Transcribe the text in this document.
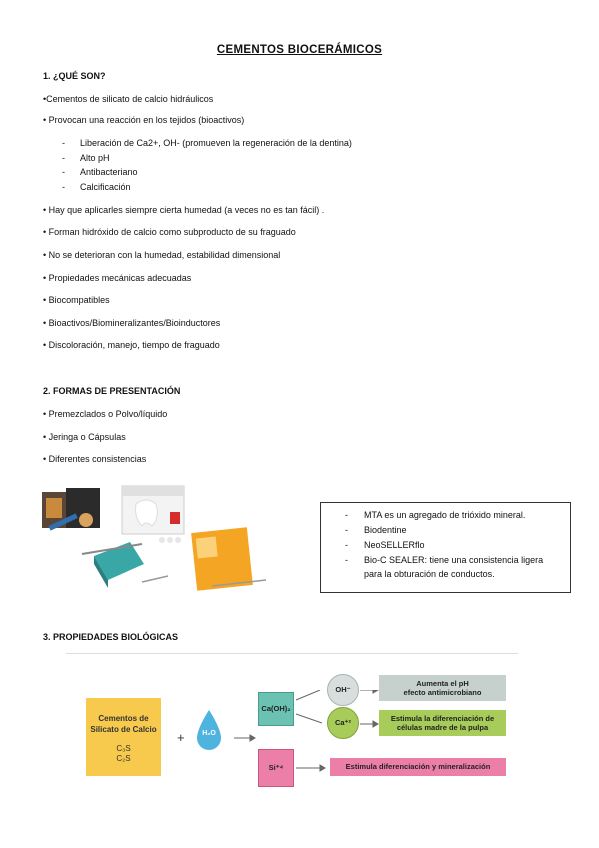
CEMENTOS BIOCERÁMICOS
1. ¿QUÉ SON?
•Cementos de silicato de calcio hidráulicos
• Provocan una reacción en los tejidos (bioactivos)
- Liberación de Ca2+, OH- (promueven la regeneración de la dentina)
- Alto pH
- Antibacteriano
- Calcificación
• Hay que aplicarles siempre cierta humedad (a veces no es tan fácil) .
• Forman hidróxido de calcio como subproducto de su fraguado
• No se deterioran con la humedad, estabilidad dimensional
• Propiedades mecánicas adecuadas
• Biocompatibles
• Bioactivos/Biomineralizantes/Bioinductores
• Discoloración, manejo, tiempo de fraguado
2. FORMAS DE PRESENTACIÓN
• Premezclados o Polvo/líquido
• Jeringa o Cápsulas
• Diferentes consistencias
- MTA es un agregado de trióxido mineral.
- Biodentine
- NeoSELLERflo
- Bio-C SEALER: tiene una consistencia ligera
para la obturación de conductos.
3. PROPIEDADES BIOLÓGICAS
Cementos de
Silicato de Calcio
C₃S
C₂S
+	H₂O
Ca(OH)₂
Si⁺⁴
OH⁻
Ca⁺²
Aumenta el pH
efecto antimicrobiano
Estimula la diferenciación de
células madre de la pulpa
Estimula diferenciación y mineralización
